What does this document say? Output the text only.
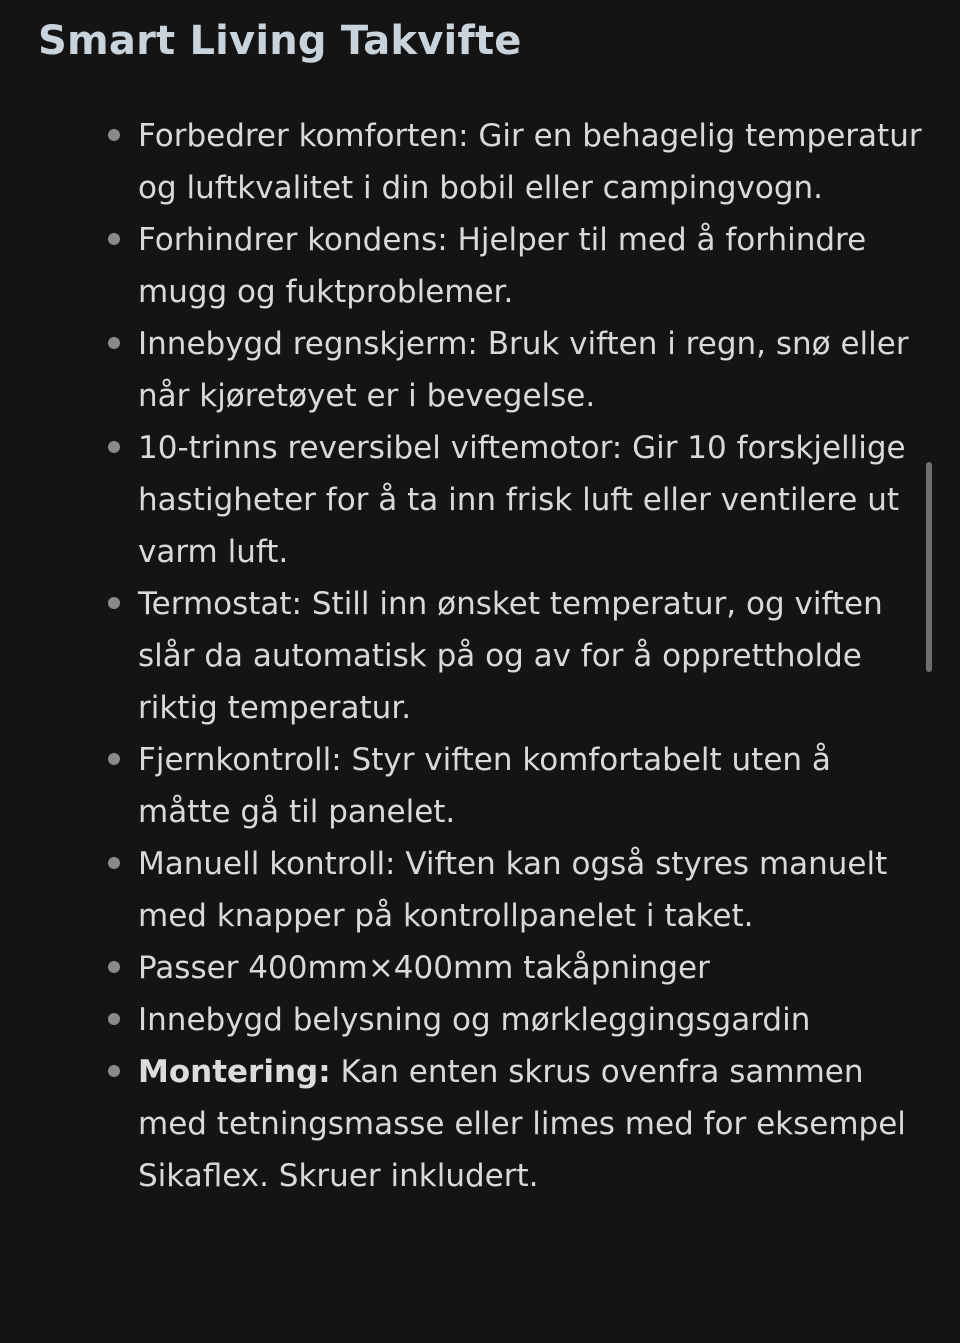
Smart Living Takvifte
Forbedrer komforten: Gir en behagelig temperatur og luftkvalitet i din bobil eller campingvogn.
Forhindrer kondens: Hjelper til med å forhindre mugg og fuktproblemer.
Innebygd regnskjerm: Bruk viften i regn, snø eller når kjøretøyet er i bevegelse.
10-trinns reversibel viftemotor: Gir 10 forskjellige hastigheter for å ta inn frisk luft eller ventilere ut varm luft.
Termostat: Still inn ønsket temperatur, og viften slår da automatisk på og av for å opprettholde riktig temperatur.
Fjernkontroll: Styr viften komfortabelt uten å måtte gå til panelet.
Manuell kontroll: Viften kan også styres manuelt med knapper på kontrollpanelet i taket.
Passer 400mm×400mm takåpninger
Innebygd belysning og mørkleggingsgardin
Montering: Kan enten skrus ovenfra sammen med tetningsmasse eller limes med for eksempel Sikaflex. Skruer inkludert.
